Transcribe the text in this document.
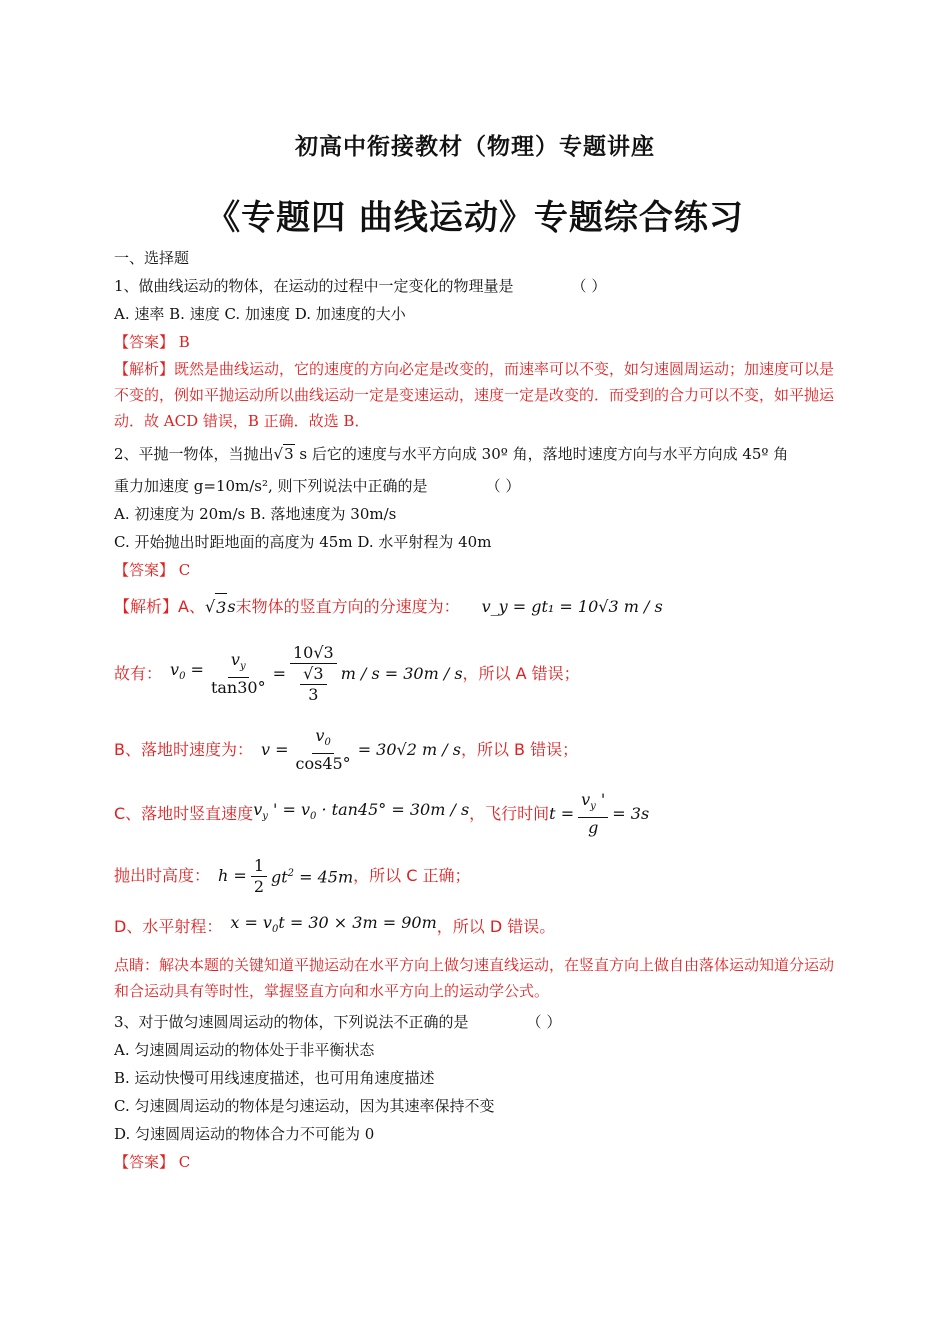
初高中衔接教材（物理）专题讲座
《专题四 曲线运动》专题综合练习
一、选择题
1、做曲线运动的物体，在运动的过程中一定变化的物理量是	（ ）
A. 速率 B. 速度 C. 加速度 D. 加速度的大小
【答案】 B
【解析】既然是曲线运动，它的速度的方向必定是改变的，而速率可以不变，如匀速圆周运动；加速度可以是不变的，例如平抛运动所以曲线运动一定是变速运动，速度一定是改变的．而受到的合力可以不变，如平抛运动．故 ACD 错误，B 正确．故选 B．
2、平抛一物体，当抛出√3 s 后它的速度与水平方向成 30º 角，落地时速度方向与水平方向成 45º 角
重力加速度 g=10m/s², 则下列说法中正确的是	（ ）
A. 初速度为 20m/s B. 落地速度为 30m/s
C. 开始抛出时距地面的高度为 45m D. 水平射程为 40m
【答案】 C
【解析】A、 √ 3 s 末物体的竖直方向的分速度为： v_y = gt₁ = 10√3 m / s
故有： $v_0 = \frac{v_y}{\tan 30^\circ} = \frac{10√3}{\frac{√3}{3}}$ m / s = 30m / s ，所以 A 错误；
B、落地时速度为： $v = \frac{v_0}{\cos 45^\circ} = 30√2$ m / s ，所以 B 错误；
C、落地时竖直速度 $v_y$ ' = $v_0 \cdot \tan 45^\circ = 30m / s$ ，飞行时间 $t = \frac{v_y '}{g} = 3s$
抛出时高度： $h = \frac{1}{2} gt^2 = 45m$ ，所以 C 正确；
D、水平射程： $x = v_0t = 30 \times 3m = 90m$ ，所以 D 错误。
点睛：解决本题的关键知道平抛运动在水平方向上做匀速直线运动，在竖直方向上做自由落体运动知道分运动和合运动具有等时性，掌握竖直方向和水平方向上的运动学公式。
3、对于做匀速圆周运动的物体，下列说法不正确的是	（ ）
A. 匀速圆周运动的物体处于非平衡状态
B. 运动快慢可用线速度描述，也可用角速度描述
C. 匀速圆周运动的物体是匀速运动，因为其速率保持不变
D. 匀速圆周运动的物体合力不可能为 0
【答案】 C
